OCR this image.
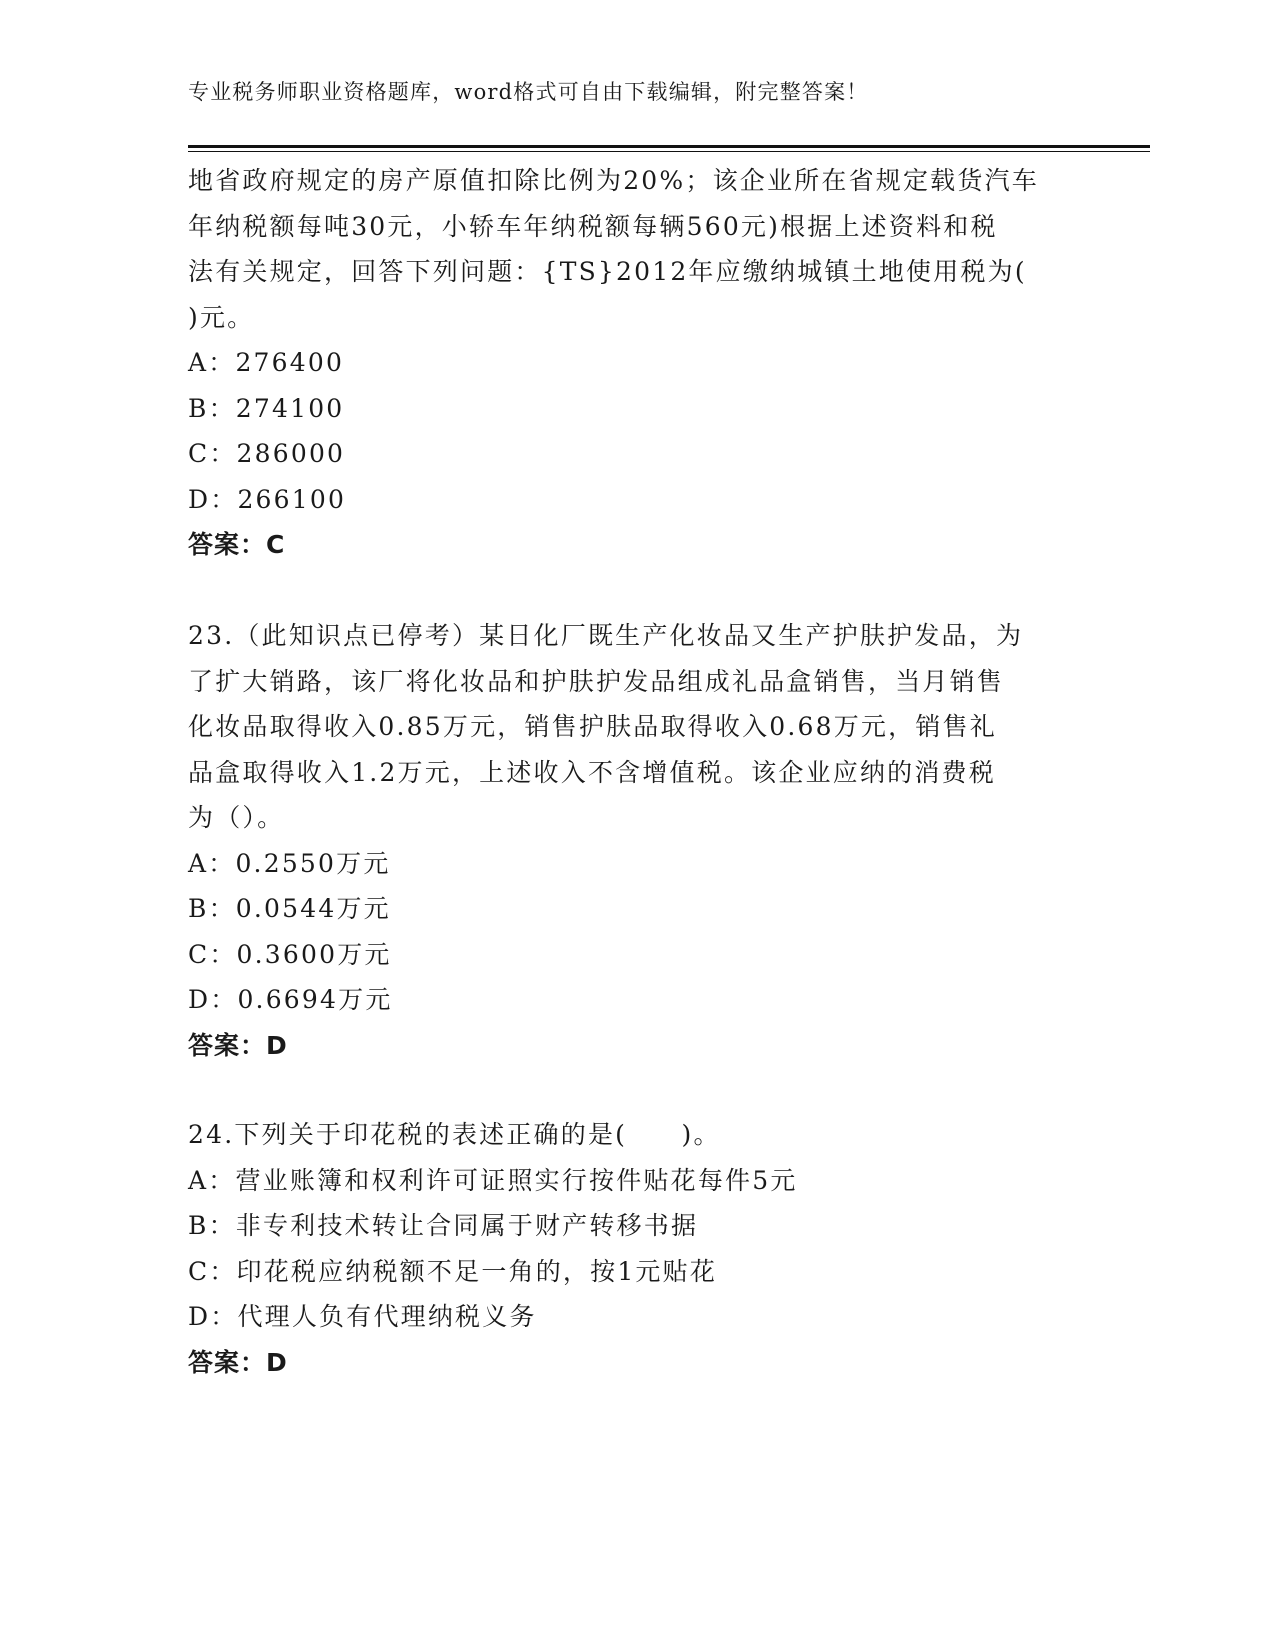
专业税务师职业资格题库，word格式可自由下载编辑，附完整答案！
地省政府规定的房产原值扣除比例为20%；该企业所在省规定载货汽车
年纳税额每吨30元，小轿车年纳税额每辆560元)根据上述资料和税
法有关规定，回答下列问题：{TS}2012年应缴纳城镇土地使用税为(
)元。
A：276400
B：274100
C：286000
D：266100
答案：C
23.（此知识点已停考）某日化厂既生产化妆品又生产护肤护发品，为
了扩大销路，该厂将化妆品和护肤护发品组成礼品盒销售，当月销售
化妆品取得收入0.85万元，销售护肤品取得收入0.68万元，销售礼
品盒取得收入1.2万元，上述收入不含增值税。该企业应纳的消费税
为（）。
A：0.2550万元
B：0.0544万元
C：0.3600万元
D：0.6694万元
答案：D
24.下列关于印花税的表述正确的是(　　)。
A：营业账簿和权利许可证照实行按件贴花每件5元
B：非专利技术转让合同属于财产转移书据
C：印花税应纳税额不足一角的，按1元贴花
D：代理人负有代理纳税义务
答案：D
